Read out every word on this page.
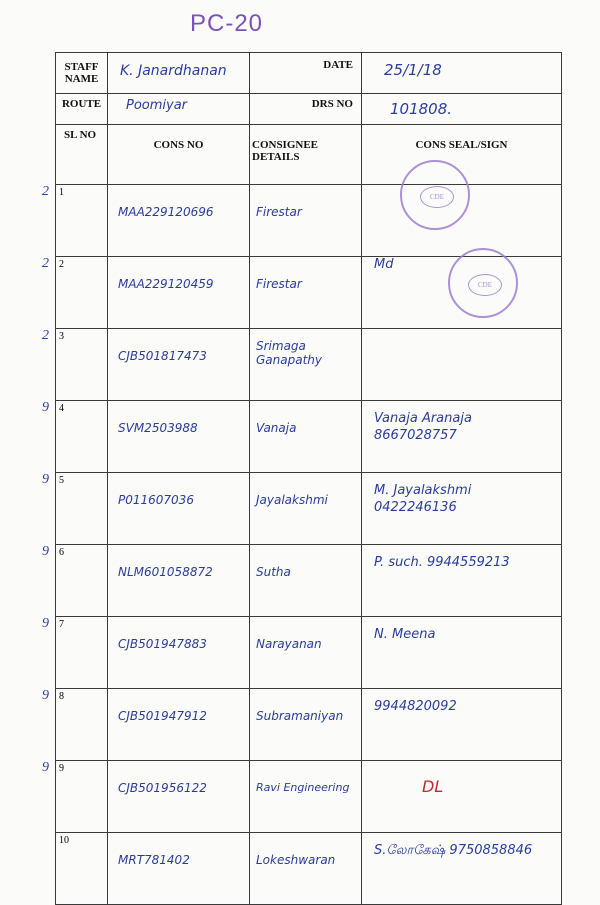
PC-20
STAFF NAME	K. Janardhanan	DATE	25/1/18
ROUTE	Poomiyar	DRS NO	101808.
SL NO	CONS NO	CONSIGNEE DETAILS	CONS SEAL/SIGN

2 1	MAA229120696	Firestar	

2 2	MAA229120459	Firestar	Md

2 3	CJB501817473	Srimaga Ganapathy	

9 4	SVM2503988	Vanaja	Vanaja Aranaja 8667028757

9 5	P011607036	Jayalakshmi	M. Jayalakshmi 0422246136

9 6	NLM601058872	Sutha	P. such. 9944559213

9 7	CJB501947883	Narayanan	N. Meena

9 8	CJB501947912	Subramaniyan	9944820092

9 9	CJB501956122	Ravi Engineering	DL

10	MRT781402	Lokeshwaran	S.லோகேஷ் 9750858846
CDE
CDE
